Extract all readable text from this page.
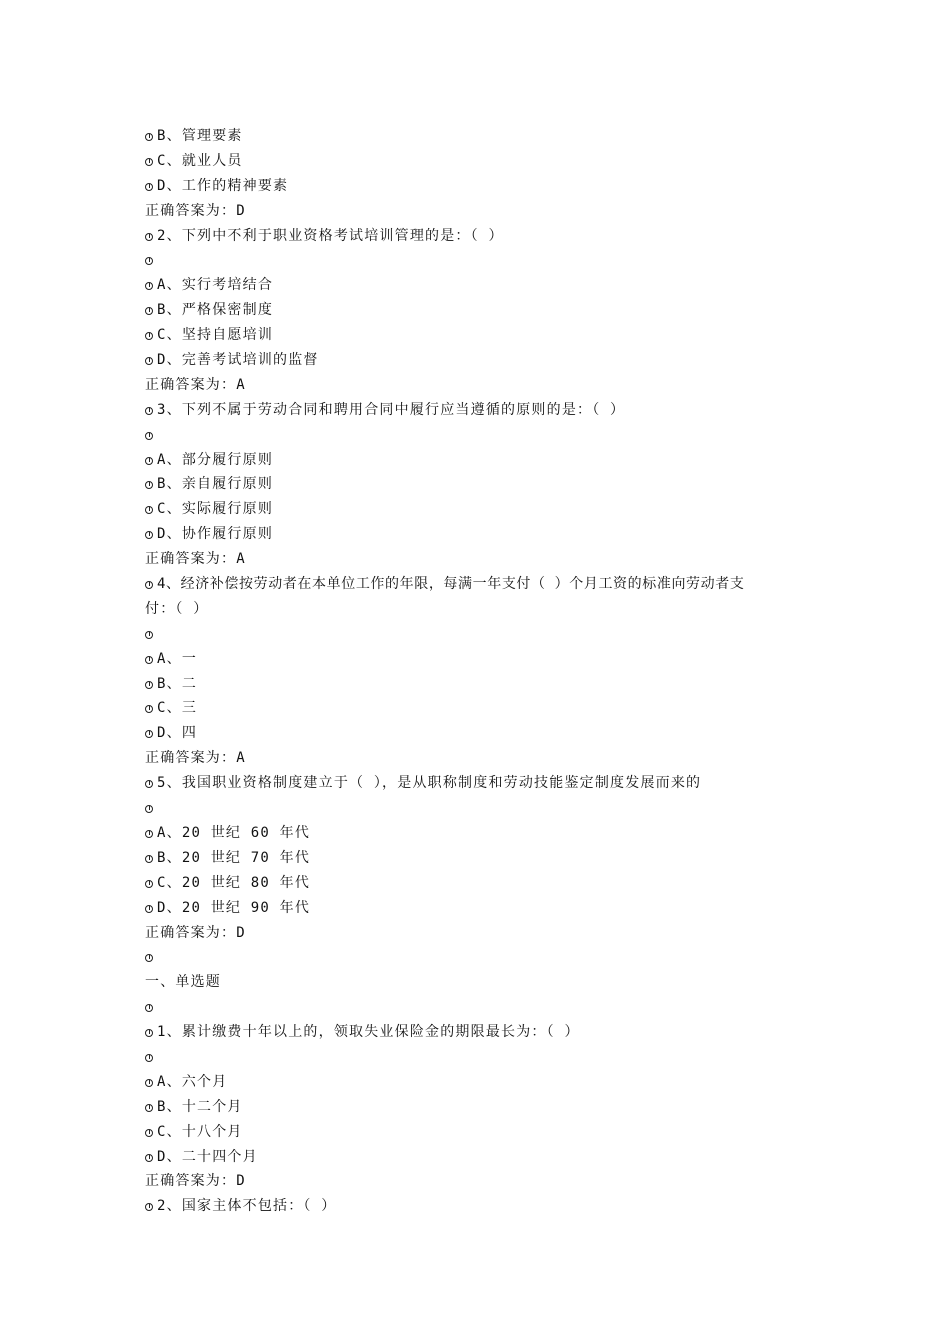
B、管理要素
C、就业人员
D、工作的精神要素
正确答案为：D
2、下列中不利于职业资格考试培训管理的是：（ ）
A、实行考培结合
B、严格保密制度
C、坚持自愿培训
D、完善考试培训的监督
正确答案为：A
3、下列不属于劳动合同和聘用合同中履行应当遵循的原则的是：（ ）
A、部分履行原则
B、亲自履行原则
C、实际履行原则
D、协作履行原则
正确答案为：A
4、经济补偿按劳动者在本单位工作的年限，每满一年支付（ ）个月工资的标准向劳动者支
付：（ ）
A、一
B、二
C、三
D、四
正确答案为：A
5、我国职业资格制度建立于（ ），是从职称制度和劳动技能鉴定制度发展而来的
A、20 世纪 60 年代
B、20 世纪 70 年代
C、20 世纪 80 年代
D、20 世纪 90 年代
正确答案为：D
一、单选题
1、累计缴费十年以上的，领取失业保险金的期限最长为：（ ）
A、六个月
B、十二个月
C、十八个月
D、二十四个月
正确答案为：D
2、国家主体不包括：（ ）
